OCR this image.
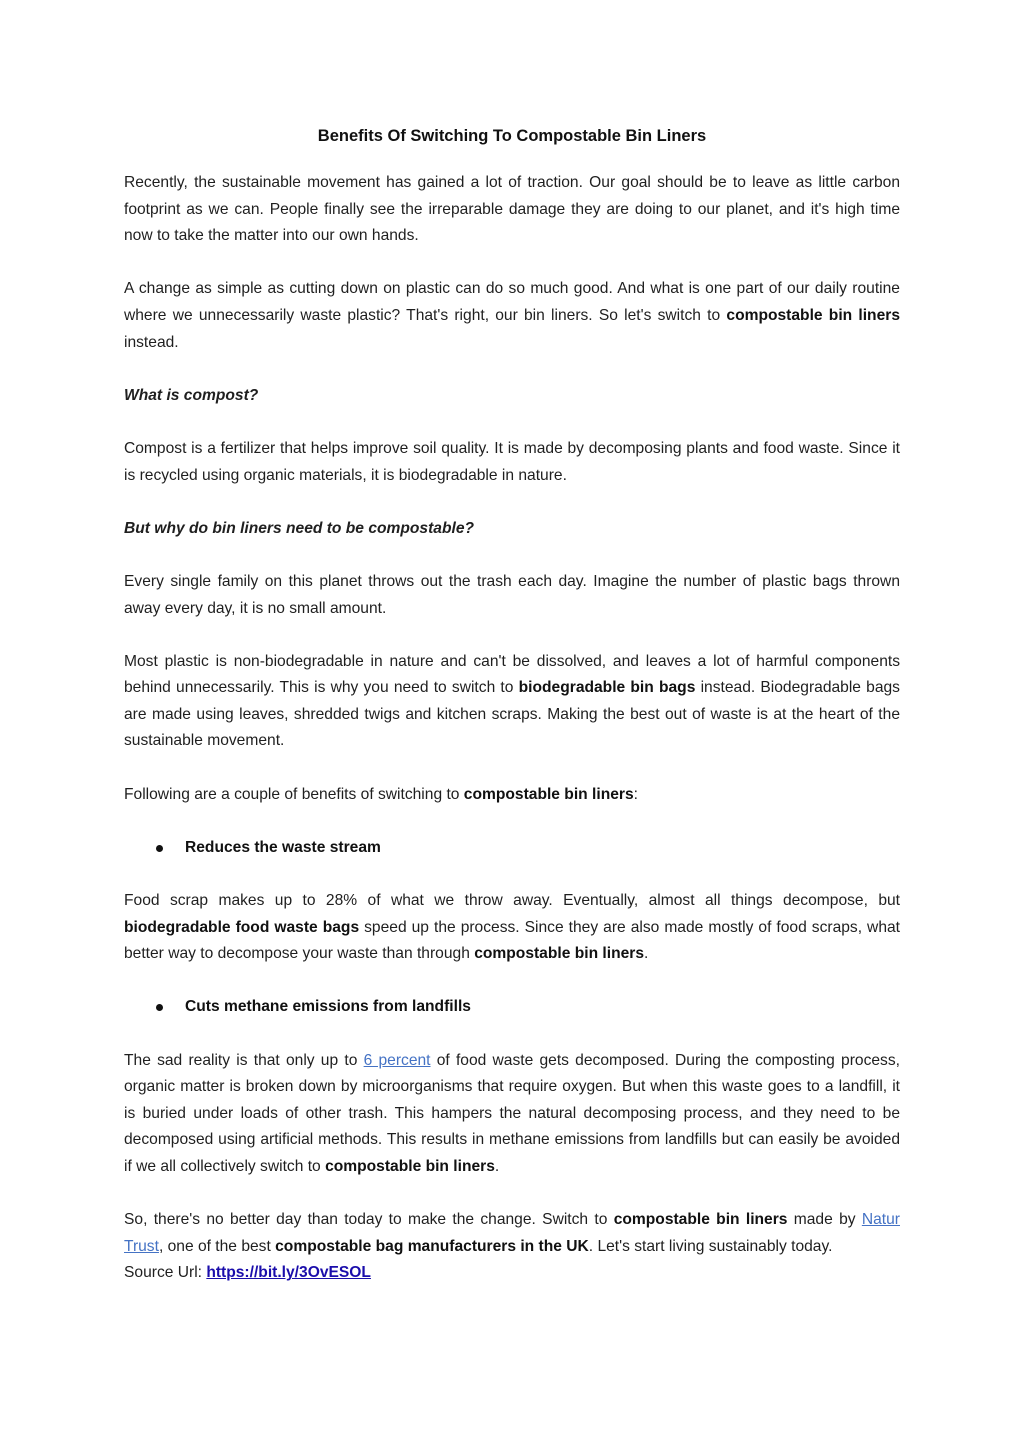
Benefits Of Switching To Compostable Bin Liners

Recently, the sustainable movement has gained a lot of traction. Our goal should be to leave as little carbon footprint as we can. People finally see the irreparable damage they are doing to our planet, and it's high time now to take the matter into our own hands.

A change as simple as cutting down on plastic can do so much good. And what is one part of our daily routine where we unnecessarily waste plastic? That's right, our bin liners. So let's switch to compostable bin liners instead.

What is compost?

Compost is a fertilizer that helps improve soil quality. It is made by decomposing plants and food waste. Since it is recycled using organic materials, it is biodegradable in nature.

But why do bin liners need to be compostable?

Every single family on this planet throws out the trash each day. Imagine the number of plastic bags thrown away every day, it is no small amount.

Most plastic is non-biodegradable in nature and can't be dissolved, and leaves a lot of harmful components behind unnecessarily. This is why you need to switch to biodegradable bin bags instead. Biodegradable bags are made using leaves, shredded twigs and kitchen scraps. Making the best out of waste is at the heart of the sustainable movement.

Following are a couple of benefits of switching to compostable bin liners:

Reduces the waste stream

Food scrap makes up to 28% of what we throw away. Eventually, almost all things decompose, but biodegradable food waste bags speed up the process. Since they are also made mostly of food scraps, what better way to decompose your waste than through compostable bin liners.

Cuts methane emissions from landfills

The sad reality is that only up to 6 percent of food waste gets decomposed. During the composting process, organic matter is broken down by microorganisms that require oxygen. But when this waste goes to a landfill, it is buried under loads of other trash. This hampers the natural decomposing process, and they need to be decomposed using artificial methods. This results in methane emissions from landfills but can easily be avoided if we all collectively switch to compostable bin liners.

So, there's no better day than today to make the change. Switch to compostable bin liners made by Natur Trust, one of the best compostable bag manufacturers in the UK. Let's start living sustainably today.

Source Url: https://bit.ly/3OvESOL
